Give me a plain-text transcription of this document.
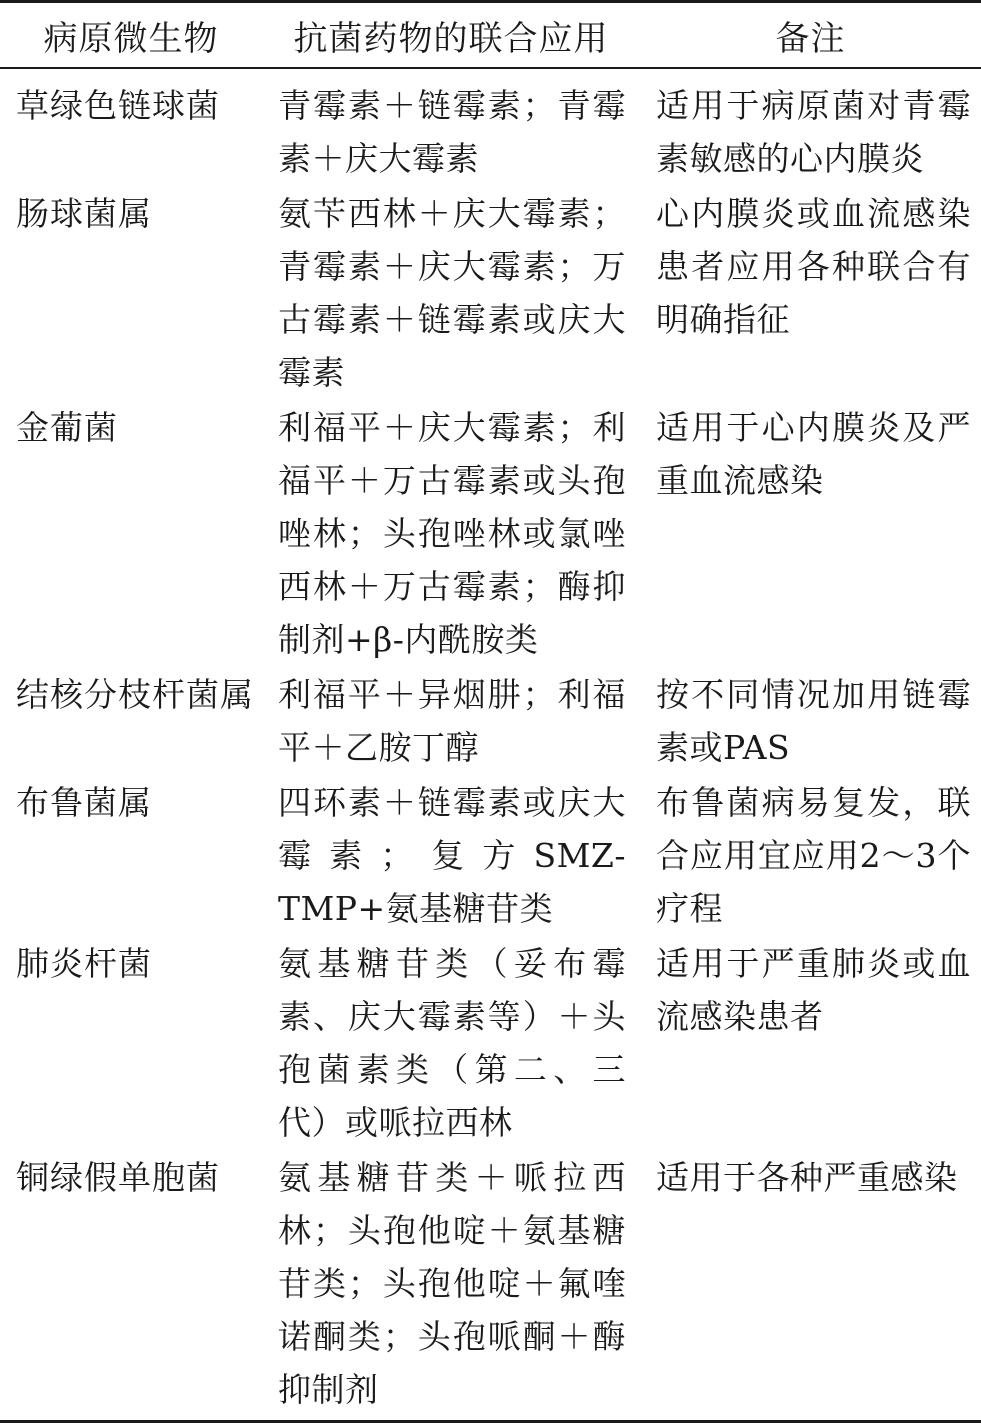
病原微生物	抗菌药物的联合应用	备注
草绿色链球菌	青霉素＋链霉素；青霉素＋庆大霉素	适用于病原菌对青霉素敏感的心内膜炎
肠球菌属	氨苄西林＋庆大霉素；青霉素＋庆大霉素；万古霉素＋链霉素或庆大霉素	心内膜炎或血流感染患者应用各种联合有明确指征
金葡菌	利福平＋庆大霉素；利福平＋万古霉素或头孢唑林；头孢唑林或氯唑西林＋万古霉素；酶抑制剂+β-内酰胺类	适用于心内膜炎及严重血流感染
结核分枝杆菌属	利福平＋异烟肼；利福平＋乙胺丁醇	按不同情况加用链霉素或PAS
布鲁菌属	四环素＋链霉素或庆大霉素；复方SMZ-TMP+氨基糖苷类	布鲁菌病易复发，联合应用宜应用2～3个疗程
肺炎杆菌	氨基糖苷类（妥布霉素、庆大霉素等）＋头孢菌素类（第二、三代）或哌拉西林	适用于严重肺炎或血流感染患者
铜绿假单胞菌	氨基糖苷类＋哌拉西林；头孢他啶＋氨基糖苷类；头孢他啶＋氟喹诺酮类；头孢哌酮＋酶抑制剂	适用于各种严重感染
